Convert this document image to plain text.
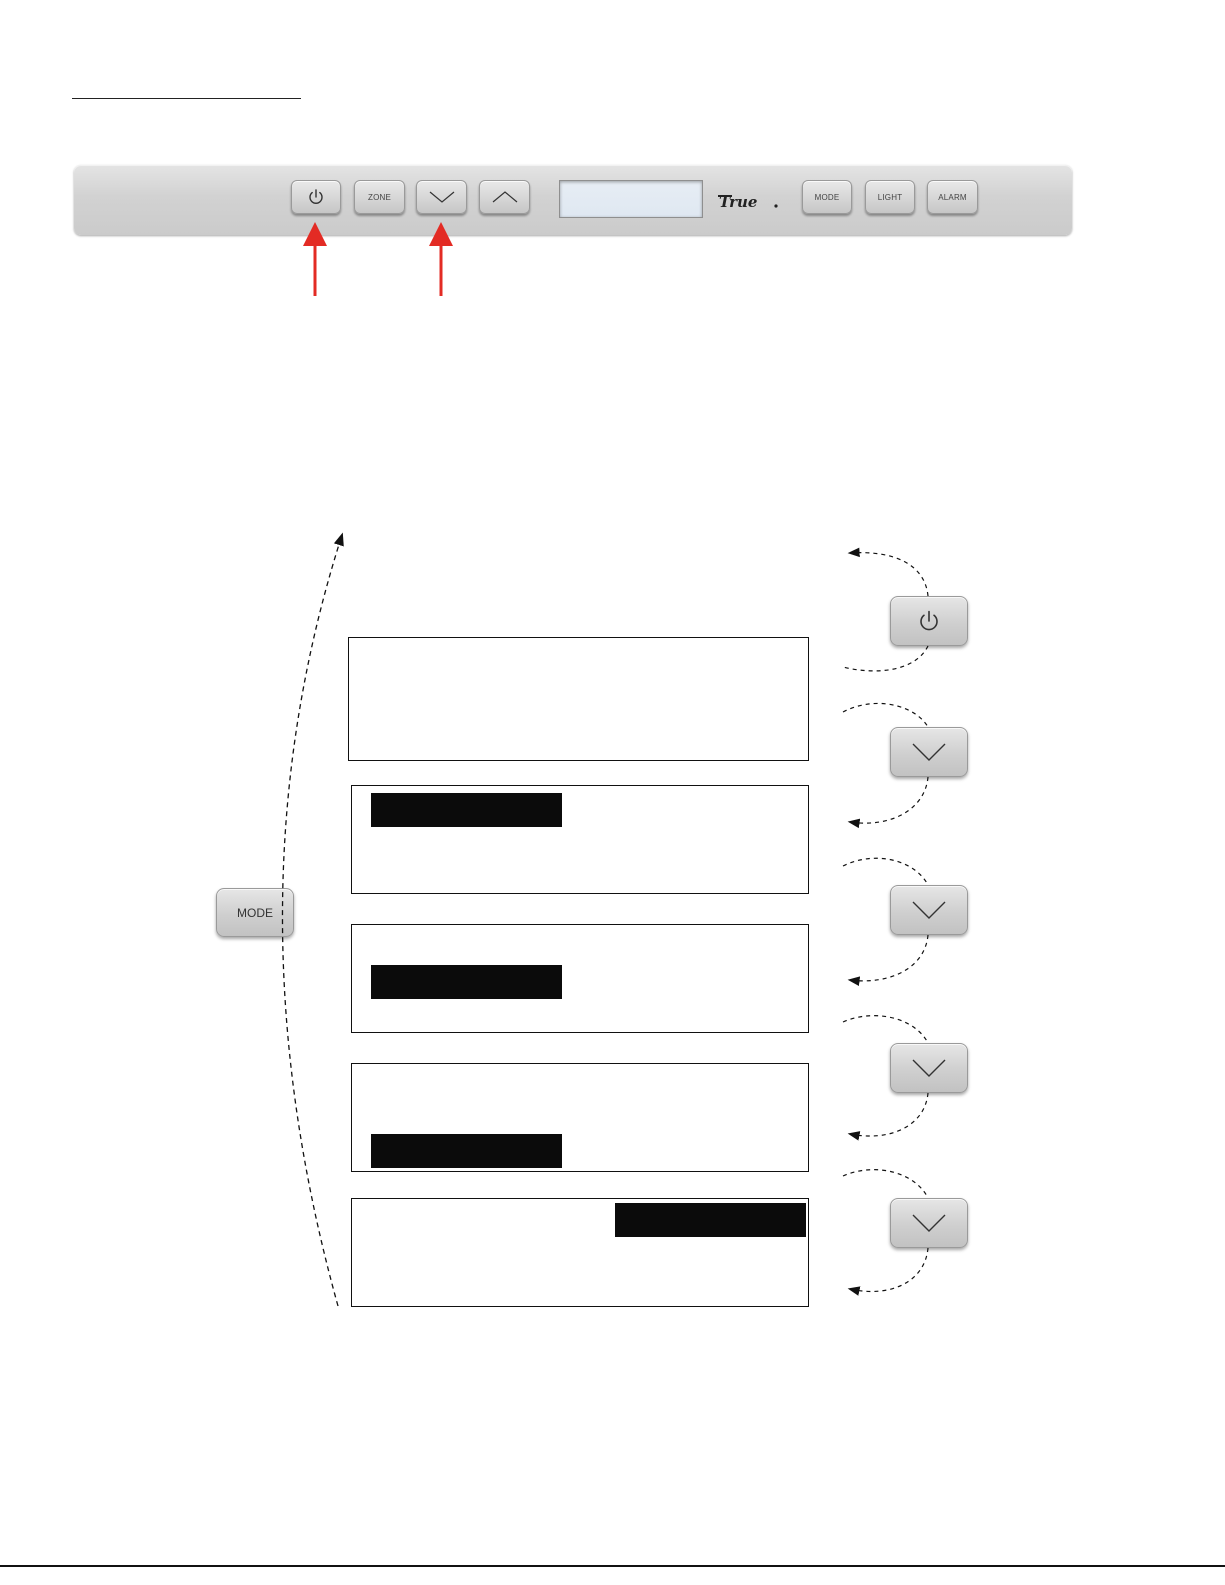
ZONE	True	MODE	LIGHT	ALARM
MODE
